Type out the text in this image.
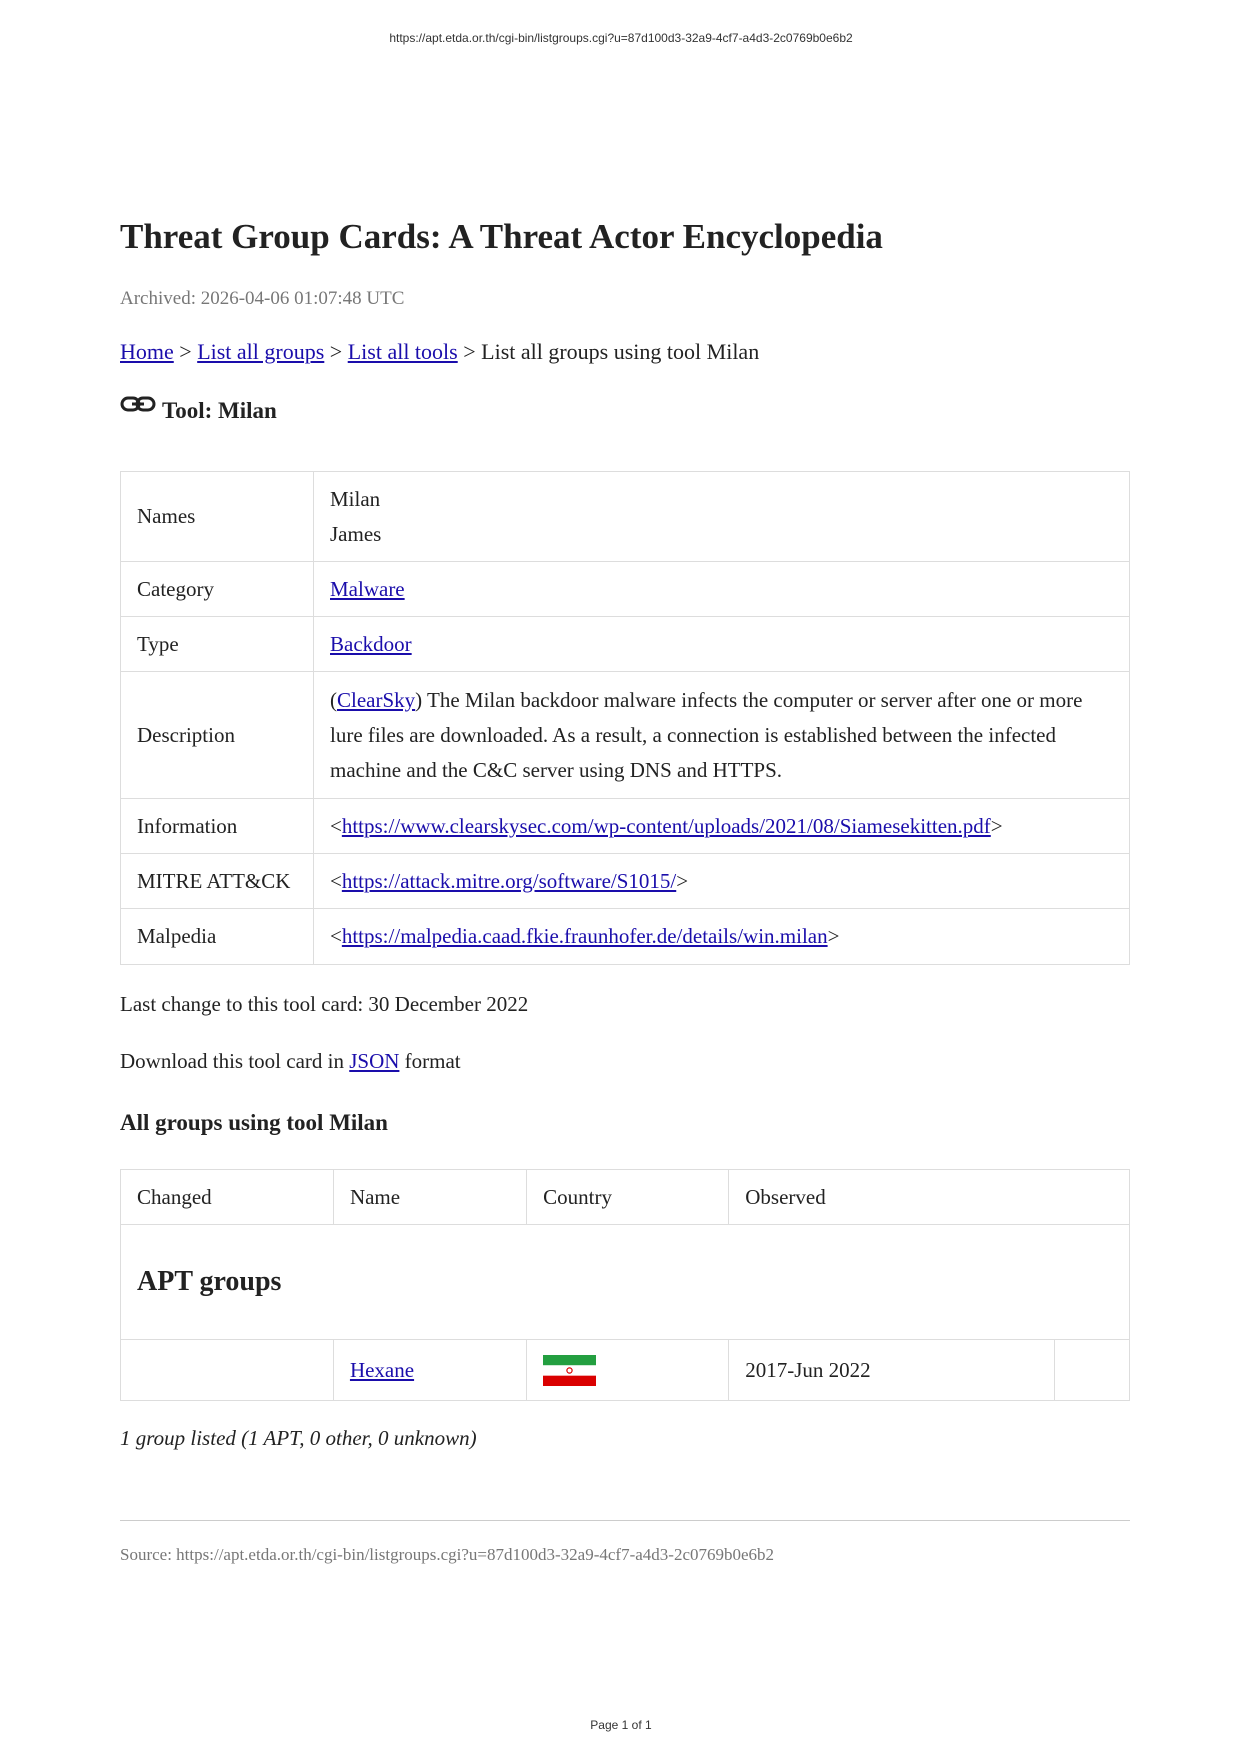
https://apt.etda.or.th/cgi-bin/listgroups.cgi?u=87d100d3-32a9-4cf7-a4d3-2c0769b0e6b2
Threat Group Cards: A Threat Actor Encyclopedia
Archived: 2026-04-06 01:07:48 UTC
Home > List all groups > List all tools > List all groups using tool Milan
Tool: Milan
Names	Milan
James

Category	Malware
Type	Backdoor
Description	(ClearSky) The Milan backdoor malware infects the computer or server after one or more lure files are downloaded. As a result, a connection is established between the infected machine and the C&C server using DNS and HTTPS.
Information	<https://www.clearskysec.com/wp-content/uploads/2021/08/Siamesekitten.pdf>
MITRE ATT&CK	<https://attack.mitre.org/software/S1015/>
Malpedia	<https://malpedia.caad.fkie.fraunhofer.de/details/win.milan>
Last change to this tool card: 30 December 2022
Download this tool card in JSON format
All groups using tool Milan
Changed	Name	Country	Observed	
APT groups				
	Hexane		2017-Jun 2022	
1 group listed (1 APT, 0 other, 0 unknown)
Source: https://apt.etda.or.th/cgi-bin/listgroups.cgi?u=87d100d3-32a9-4cf7-a4d3-2c0769b0e6b2
Page 1 of 1
